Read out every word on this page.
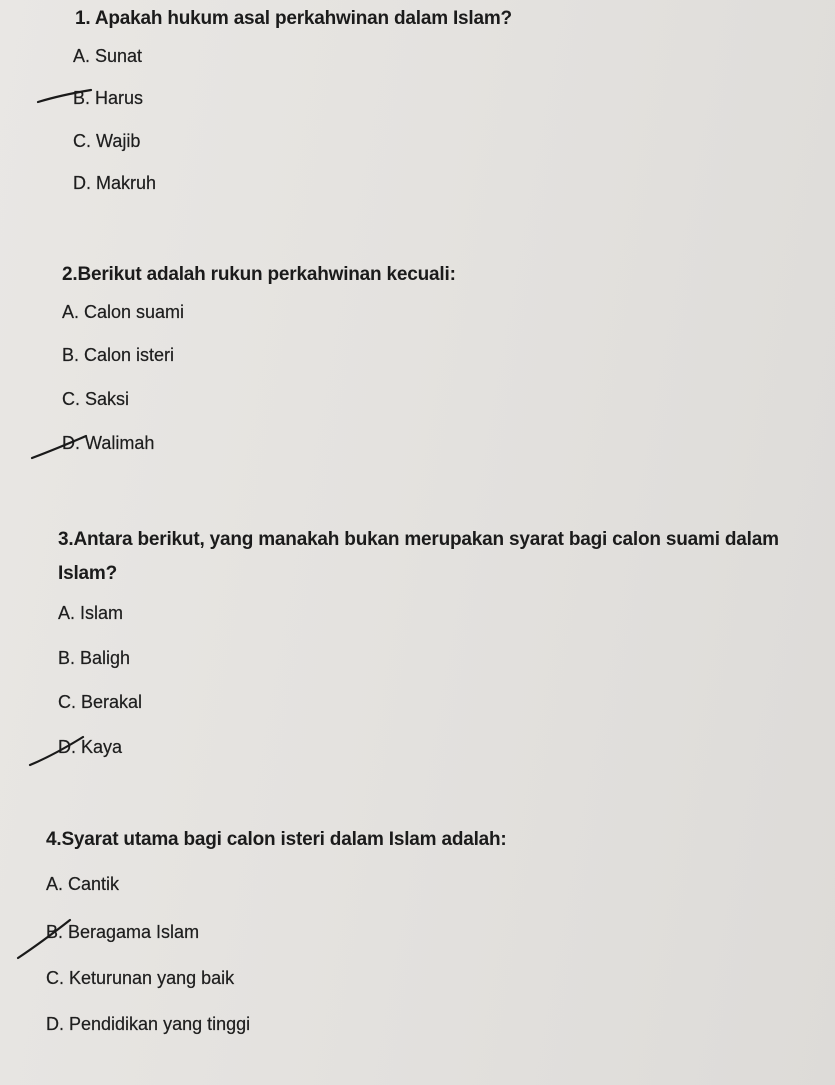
1. Apakah hukum asal perkahwinan dalam Islam?
A. Sunat
B. Harus
C. Wajib
D. Makruh
2.Berikut adalah rukun perkahwinan kecuali:
A. Calon suami
B. Calon isteri
C. Saksi
D. Walimah
3.Antara berikut, yang manakah bukan merupakan syarat bagi calon suami dalam Islam?
A. Islam
B. Baligh
C. Berakal
D. Kaya
4.Syarat utama bagi calon isteri dalam Islam adalah:
A. Cantik
B. Beragama Islam
C. Keturunan yang baik
D. Pendidikan yang tinggi
